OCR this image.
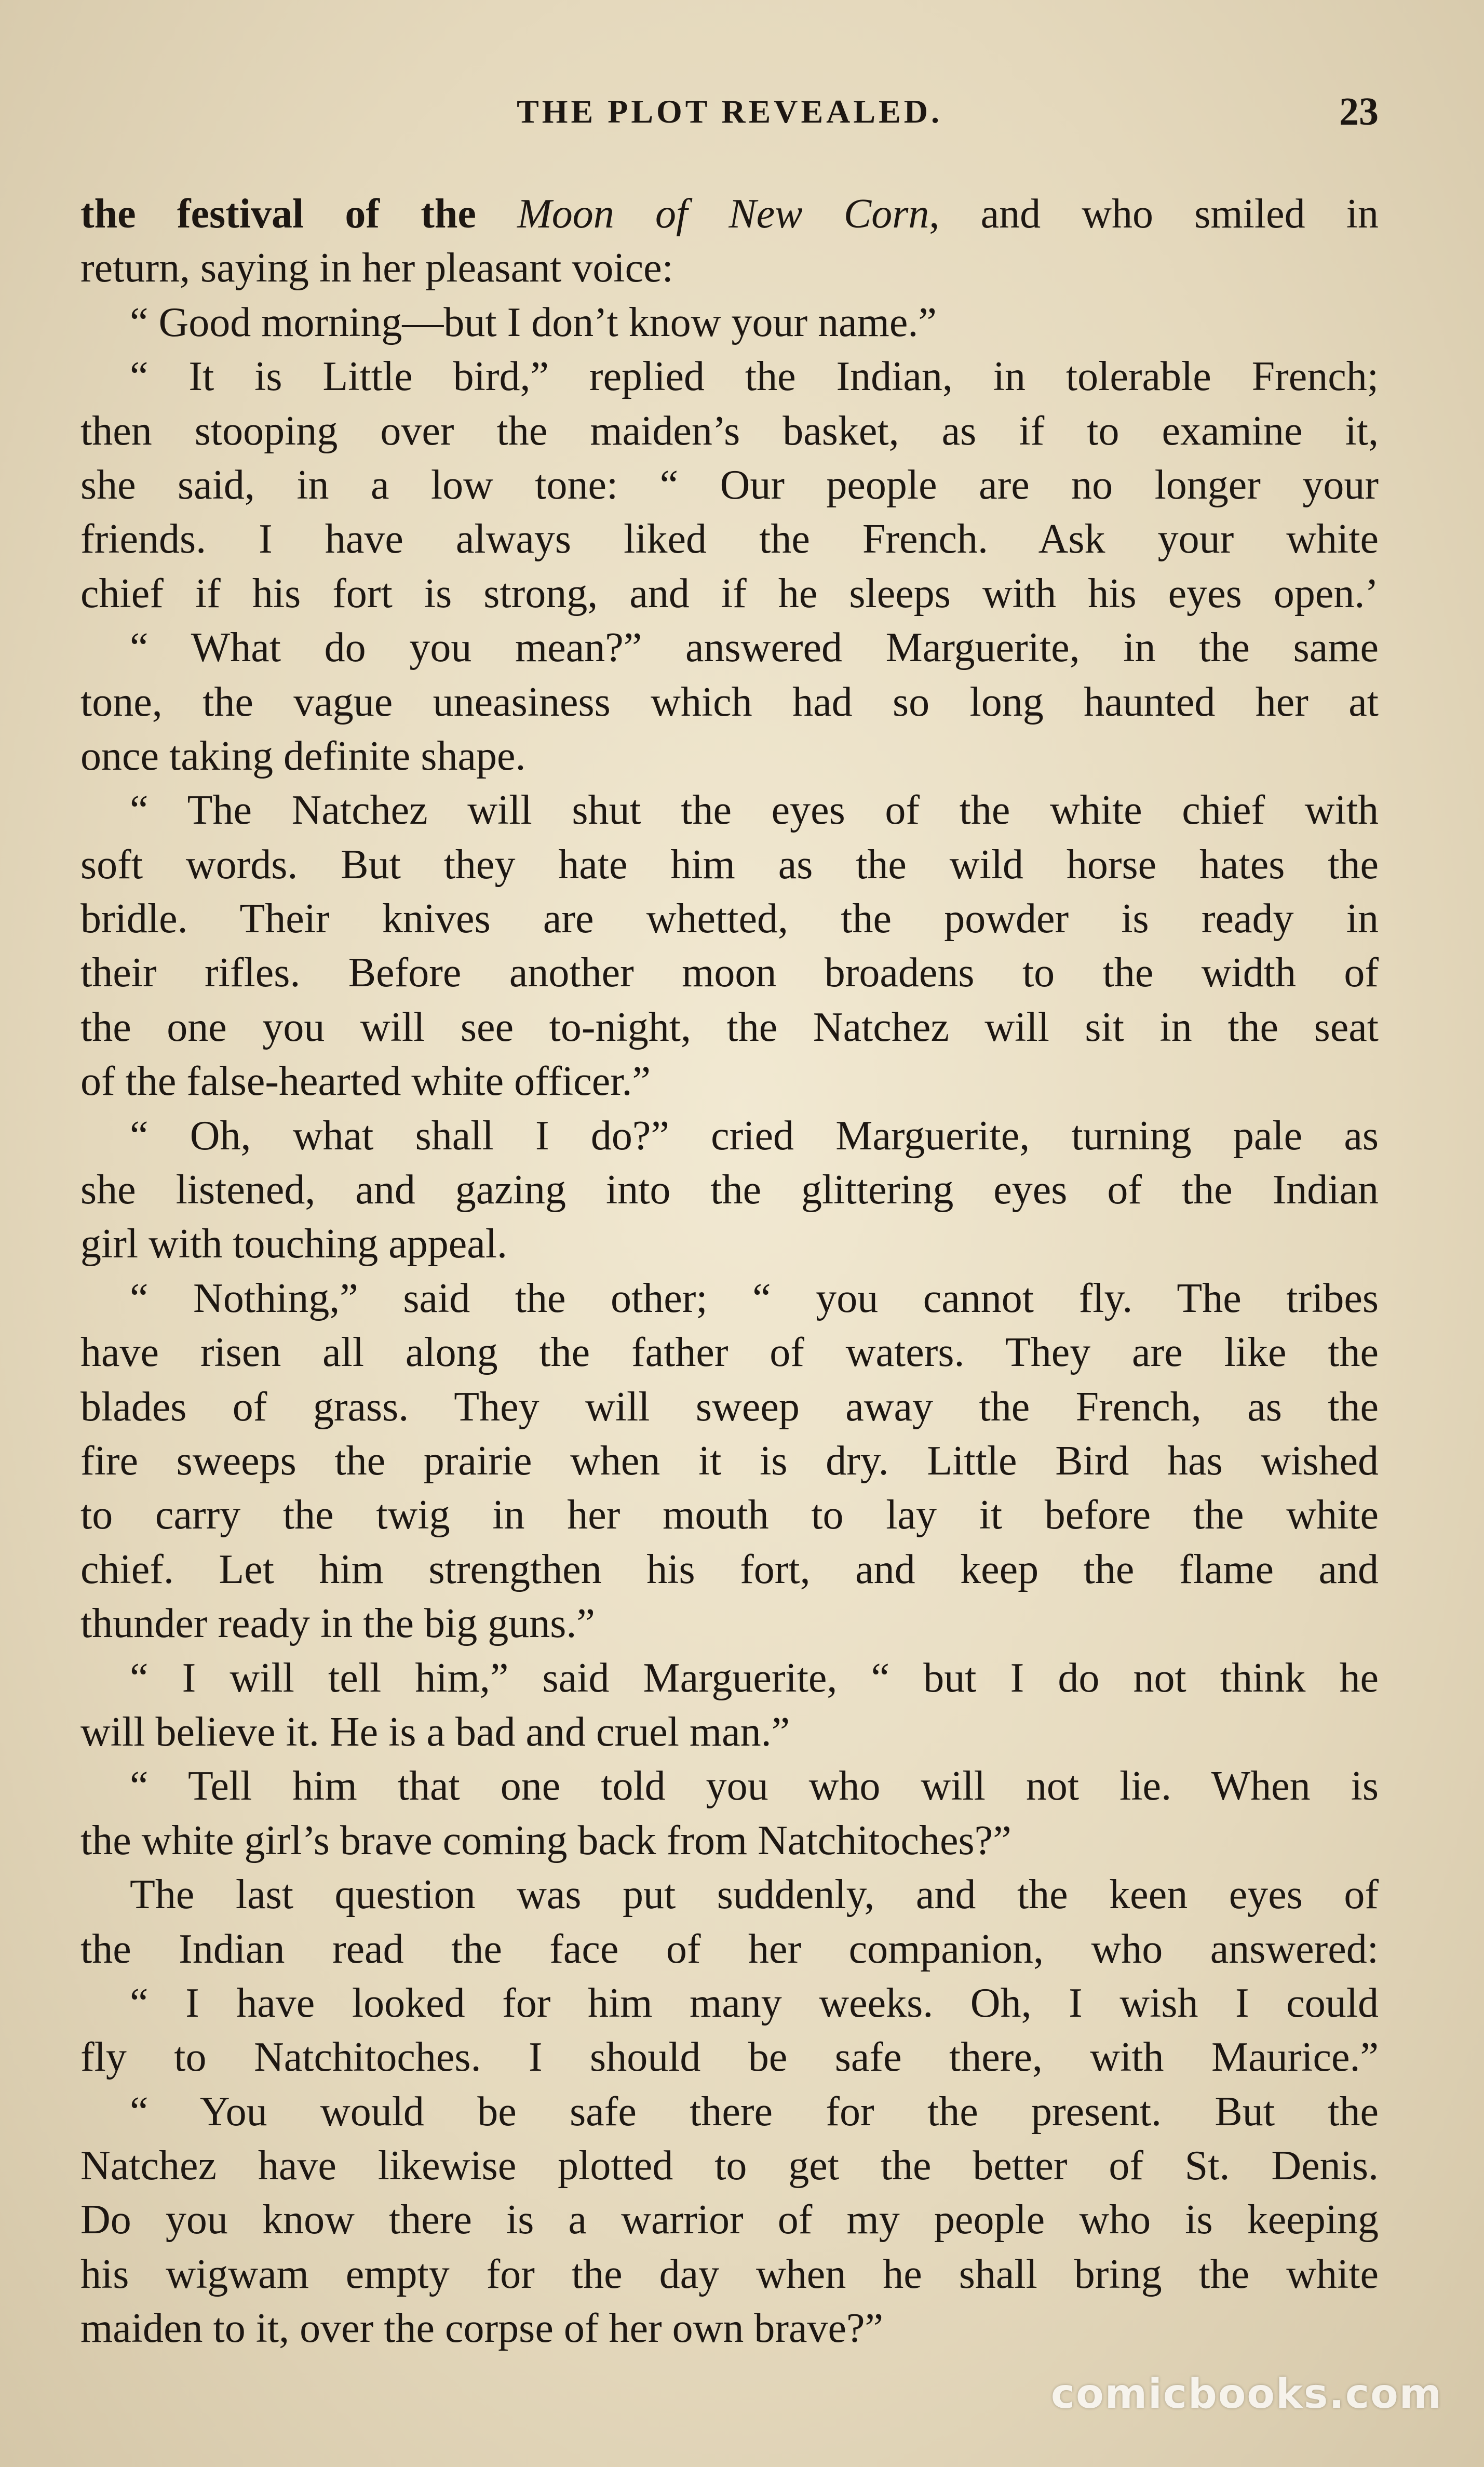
THE PLOT REVEALED.	23
the festival of the Moon of New Corn, and who smiled in
return, saying in her pleasant voice:
“ Good morning—but I don’t know your name.”
“ It is Little bird,” replied the Indian, in tolerable French;
then stooping over the maiden’s basket, as if to examine it,
she said, in a low tone: “ Our people are no longer your
friends. I have always liked the French. Ask your white
chief if his fort is strong, and if he sleeps with his eyes open.’
“ What do you mean?” answered Marguerite, in the same
tone, the vague uneasiness which had so long haunted her at
once taking definite shape.
“ The Natchez will shut the eyes of the white chief with
soft words. But they hate him as the wild horse hates the
bridle. Their knives are whetted, the powder is ready in
their rifles. Before another moon broadens to the width of
the one you will see to-night, the Natchez will sit in the seat
of the false-hearted white officer.”
“ Oh, what shall I do?” cried Marguerite, turning pale as
she listened, and gazing into the glittering eyes of the Indian
girl with touching appeal.
“ Nothing,” said the other; “ you cannot fly. The tribes
have risen all along the father of waters. They are like the
blades of grass. They will sweep away the French, as the
fire sweeps the prairie when it is dry. Little Bird has wished
to carry the twig in her mouth to lay it before the white
chief. Let him strengthen his fort, and keep the flame and
thunder ready in the big guns.”
“ I will tell him,” said Marguerite, “ but I do not think he
will believe it. He is a bad and cruel man.”
“ Tell him that one told you who will not lie. When is
the white girl’s brave coming back from Natchitoches?”
The last question was put suddenly, and the keen eyes of
the Indian read the face of her companion, who answered:
“ I have looked for him many weeks. Oh, I wish I could
fly to Natchitoches. I should be safe there, with Maurice.”
“ You would be safe there for the present. But the
Natchez have likewise plotted to get the better of St. Denis.
Do you know there is a warrior of my people who is keeping
his wigwam empty for the day when he shall bring the white
maiden to it, over the corpse of her own brave?”
comicbooks.com
